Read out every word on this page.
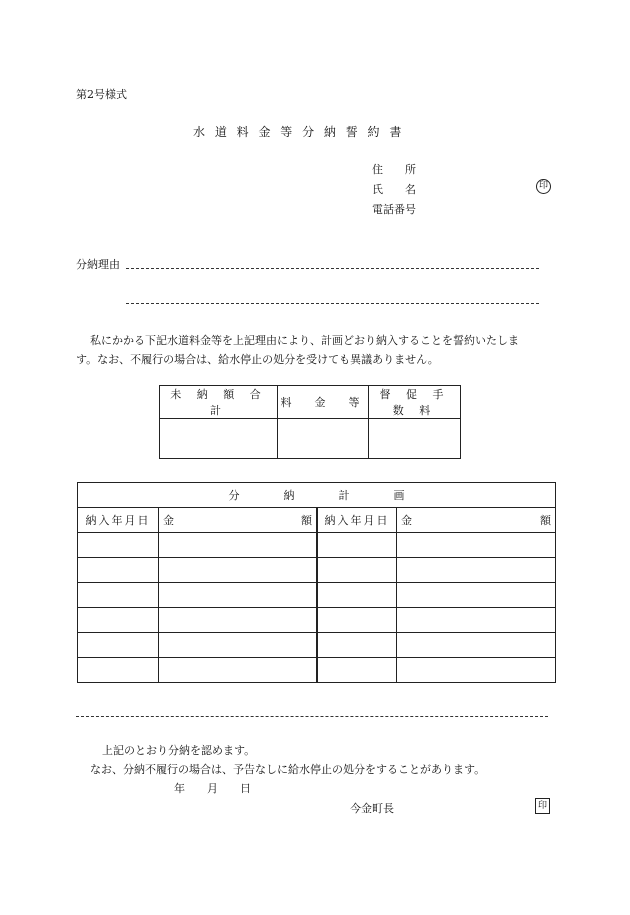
第2号様式
水 道 料 金 等 分 納 誓 約 書
住　　所
氏　　名	印
電話番号
分納理由
私にかかる下記水道料金等を上記理由により、計画どおり納入することを誓約いたしま
す。なお、不履行の場合は、給水停止の処分を受けても異議ありません。
未 納 額 合 計	料　金　等	督 促 手 数 料

分　　　　納　　　　計　　　　画			
納入年月日	金 額	納入年月日	金 額

上記のとおり分納を認めます。
なお、分納不履行の場合は、予告なしに給水停止の処分をすることがあります。
年　　月　　日
今金町長	印
